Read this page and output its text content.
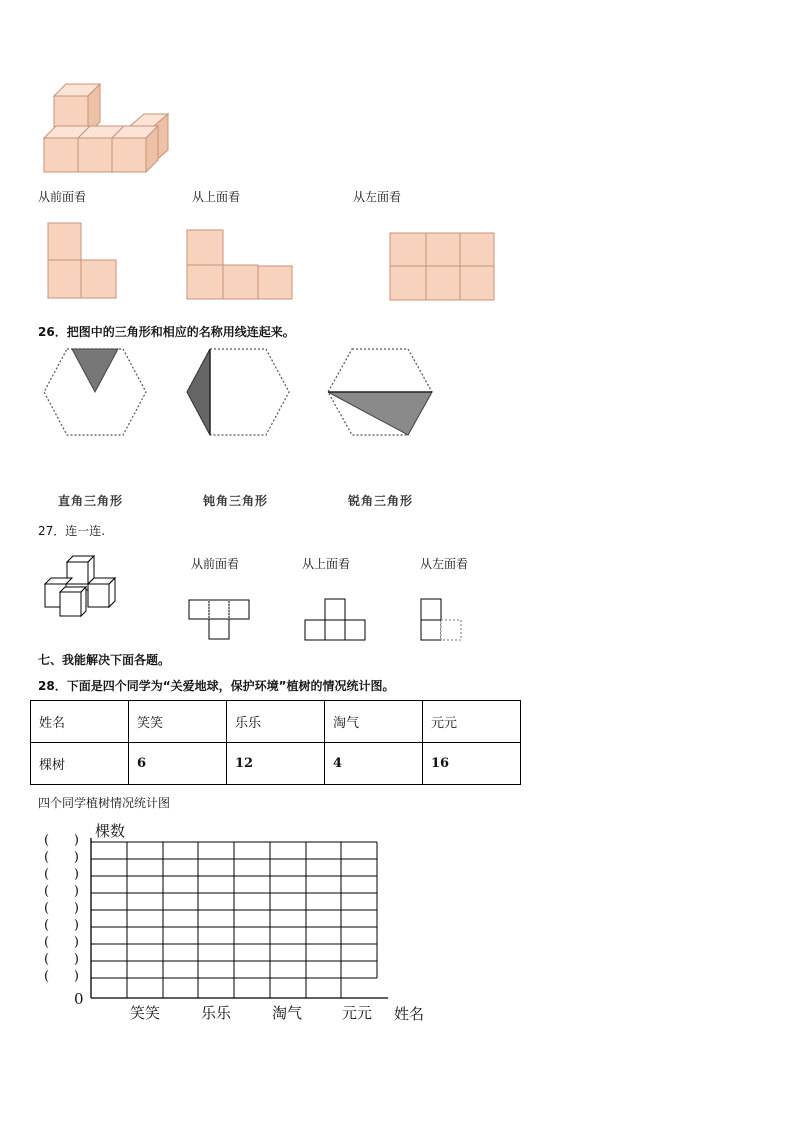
从前面看	从上面看	从左面看
26．把图中的三角形和相应的名称用线连起来。
直角三角形	钝角三角形	锐角三角形
27．连一连.
从前面看	从上面看	从左面看
七、我能解决下面各题。
28．下面是四个同学为“关爱地球，保护环境”植树的情况统计图。
姓名	笑笑	乐乐	淘气	元元
棵树	6	12	4	16
四个同学植树情况统计图
棵数
0
姓名
(      )
(      )
(      )
(      )
(      )
(      )
(      )
(      )
(      )
笑笑	乐乐	淘气	元元
